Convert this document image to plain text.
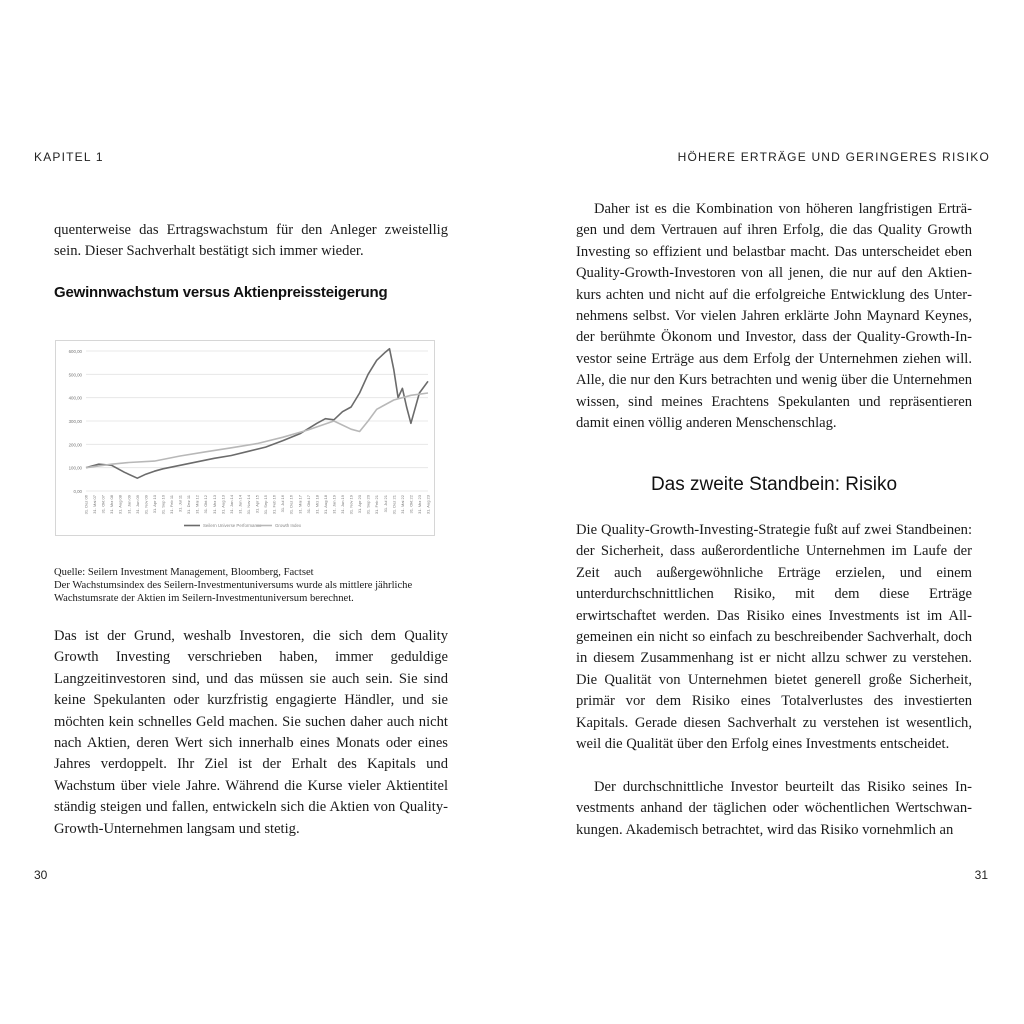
KAPITEL 1

quenterweise das Ertragswachstum für den Anleger zweistellig sein. Dieser Sachverhalt bestätigt sich immer wieder.

Gewinnwachstum versus Aktienpreissteigerung
0,00
100,00
200,00
300,00
400,00
500,00
600,00
31. Dez 06 31. Mai 07 31. Okt 07 31. Mrz 08 31. Aug 08 31. Jan 09 31. Jun 09 31. Nov 09 31. Apr 10 31. Sep 10 31. Feb 11 31. Jul 11 31. Dez 11 31. Mai 12 31. Okt 12 31. Mrz 13 31. Aug 13 31. Jan 14 31. Jun 14 31. Nov 14 31. Apr 15 31. Sep 15 31. Feb 16 31. Jul 16 31. Dez 16 31. Mai 17 31. Okt 17 31. Mrz 18 31. Aug 18 31. Jan 19 31. Jun 19 31. Nov 19 31. Apr 20 31. Sep 20 31. Feb 21 31. Jul 21 31. Dez 21 31. Mai 22 31. Okt 22 31. Mrz 23 31. Aug 23
Seilern Universe Performance	Growth Index
Quelle: Seilern Investment Management, Bloomberg, Factset
Der Wachstumsindex des Seilern-Investmentuniversums wurde als mittlere jährliche
Wachstumsrate der Aktien im Seilern-Investmentuniversum berechnet.

Das ist der Grund, weshalb Investoren, die sich dem Quality Growth Investing verschrieben haben, immer geduldige Langzeitinvestoren sind, und das müssen sie auch sein. Sie sind keine Spekulanten oder kurzfristig engagierte Händler, und sie möchten kein schnelles Geld machen. Sie suchen daher auch nicht nach Aktien, deren Wert sich innerhalb eines Monats oder eines Jahres verdoppelt. Ihr Ziel ist der Erhalt des Kapitals und Wachstum über viele Jahre. Während die Kurse vieler Aktientitel ständig steigen und fallen, entwickeln sich die Aktien von Quality-Growth-Unternehmen langsam und stetig.

30
HÖHERE ERTRÄGE UND GERINGERES RISIKO

Daher ist es die Kombination von höheren langfristigen Erträgen und dem Vertrauen auf ihren Erfolg, die das Quality Growth Investing so effizient und belastbar macht. Das unterscheidet eben Quality-Growth-Investoren von all jenen, die nur auf den Aktienkurs achten und nicht auf die erfolgreiche Entwicklung des Unternehmens selbst. Vor vielen Jahren erklärte John Maynard Keynes, der berühmte Ökonom und Investor, dass der Quality-Growth-Investor seine Erträge aus dem Erfolg der Unternehmen ziehen will. Alle, die nur den Kurs betrachten und wenig über die Unternehmen wissen, sind meines Erachtens Spekulanten und repräsentieren damit einen völlig anderen Menschenschlag.

Das zweite Standbein: Risiko

Die Quality-Growth-Investing-Strategie fußt auf zwei Standbeinen: der Sicherheit, dass außerordentliche Unternehmen im Laufe der Zeit auch außergewöhnliche Erträge erzielen, und einem unterdurchschnittlichen Risiko, mit dem diese Erträge erwirtschaftet werden. Das Risiko eines Investments ist im Allgemeinen ein nicht so einfach zu beschreibender Sachverhalt, doch in diesem Zusammenhang ist er nicht allzu schwer zu verstehen. Die Qualität von Unternehmen bietet generell große Sicherheit, primär vor dem Risiko eines Totalverlustes des investierten Kapitals. Gerade diesen Sachverhalt zu verstehen ist wesentlich, weil die Qualität über den Erfolg eines Investments entscheidet.

Der durchschnittliche Investor beurteilt das Risiko seines Investments anhand der täglichen oder wöchentlichen Wertschwankungen. Akademisch betrachtet, wird das Risiko vornehmlich an

31
